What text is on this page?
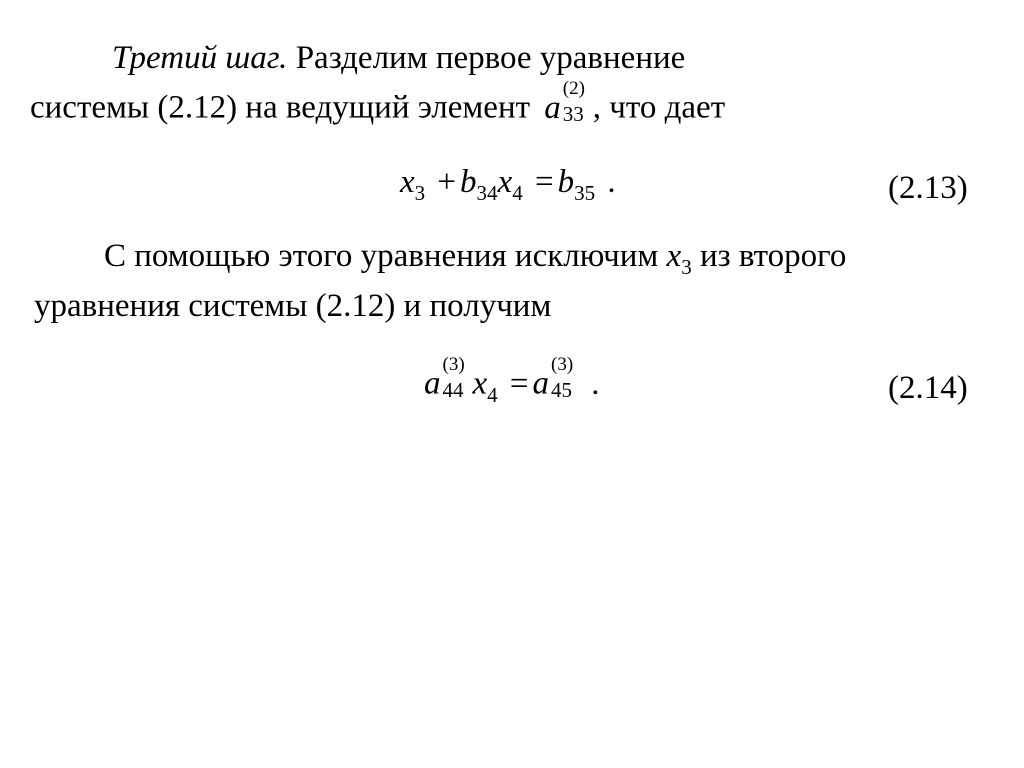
Третий шаг. Разделим первое уравнение
системы (2.12) на ведущий элемент a
(2)
33 , что дает
$x_3 + b_{34}x_4 = b_{35}$ .	(2.13)
С помощью этого уравнения исключим $x_3$ из второго
уравнения системы (2.12) и получим
a
(3)
44 $x_4 = a$
(3)
45 .	(2.14)
